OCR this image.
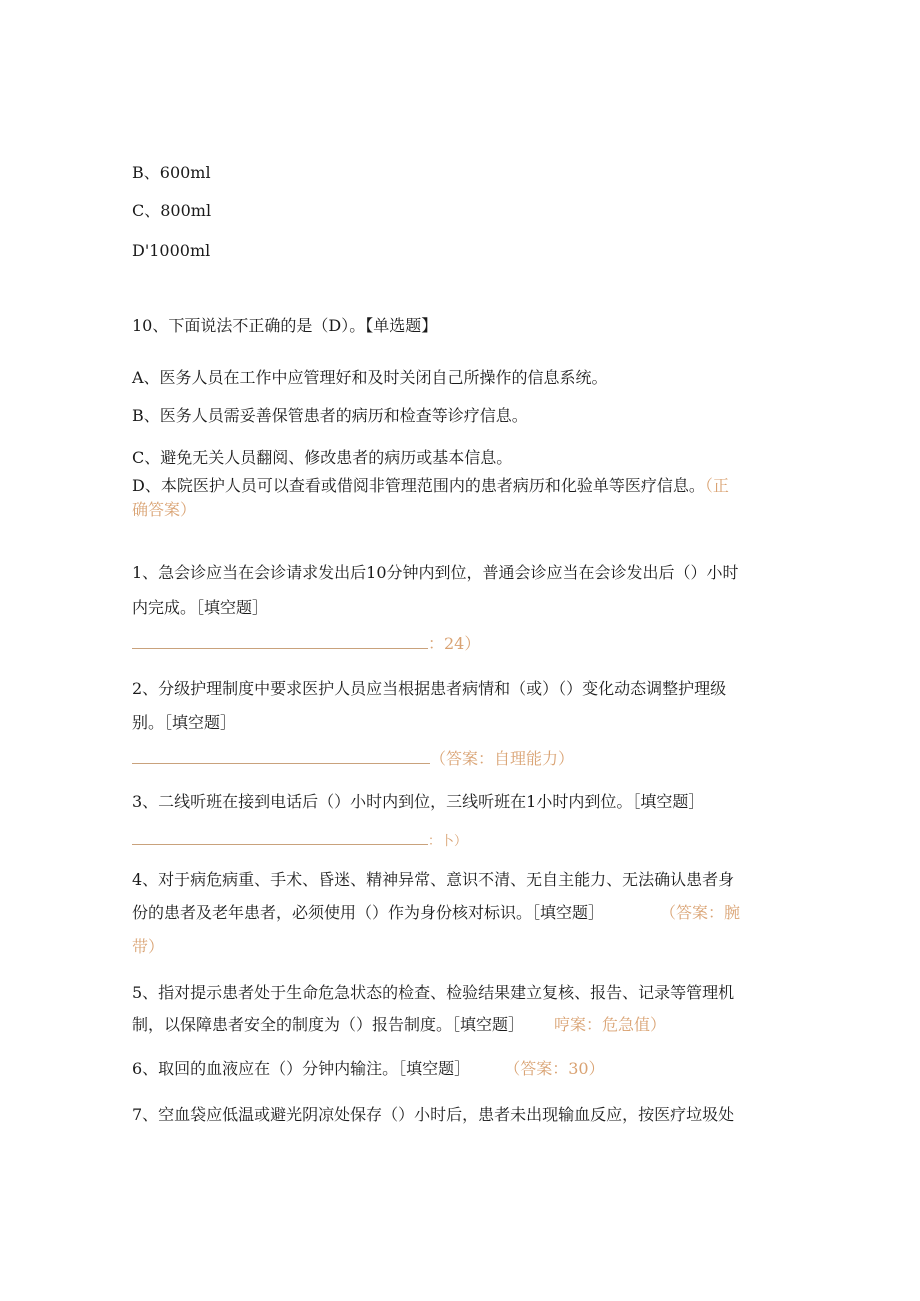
B、600ml
C、800ml
D'1000ml
10、下面说法不正确的是（D）。【单选题】
A、医务人员在工作中应管理好和及时关闭自己所操作的信息系统。
B、医务人员需妥善保管患者的病历和检查等诊疗信息。
C、避免无关人员翻阅、修改患者的病历或基本信息。
D、本院医护人员可以查看或借阅非管理范围内的患者病历和化验单等医疗信息。（正
确答案）
1、急会诊应当在会诊请求发出后10分钟内到位，普通会诊应当在会诊发出后（）小时
内完成。［填空题］
：24）
2、分级护理制度中要求医护人员应当根据患者病情和（或）（）变化动态调整护理级
别。［填空题］
（答案：自理能力）
3、二线听班在接到电话后（）小时内到位，三线听班在1小时内到位。［填空题］
：卜）
4、对于病危病重、手术、昏迷、精神异常、意识不清、无自主能力、无法确认患者身
份的患者及老年患者，必须使用（）作为身份核对标识。［填空题］	（答案：腕
带）
5、指对提示患者处于生命危急状态的检查、检验结果建立复核、报告、记录等管理机
制，以保障患者安全的制度为（）报告制度。［填空题］ 哼案：危急值）
6、取回的血液应在（）分钟内输注。［填空题］ （答案：30）
7、空血袋应低温或避光阴凉处保存（）小时后，患者未出现输血反应，按医疗垃圾处
